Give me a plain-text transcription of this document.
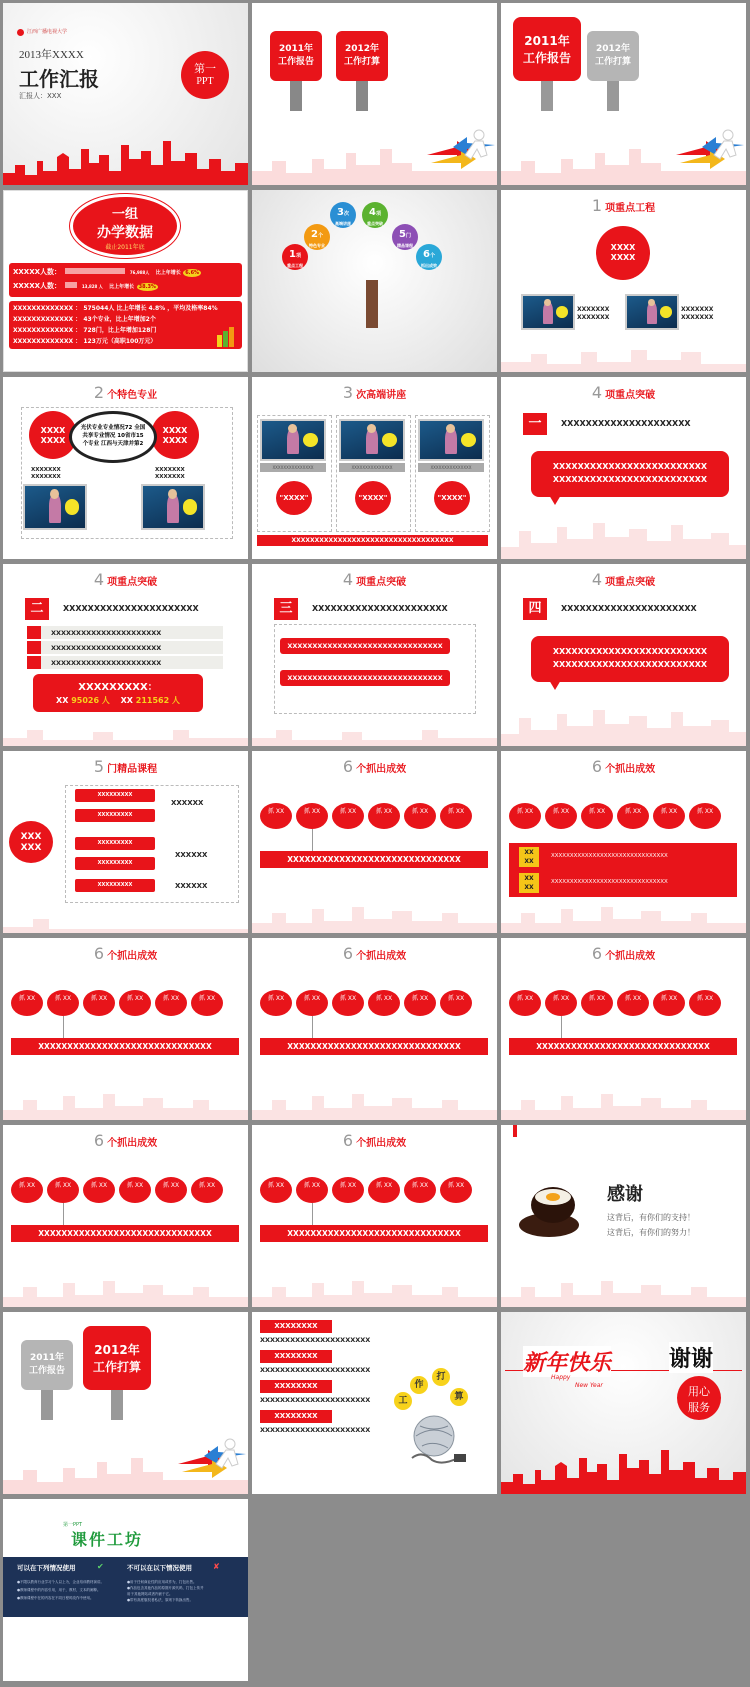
江西广播电视大学
2013年XXXX
工作汇报
汇报人：XXX
第一
PPT
2011年
工作报告
2012年
工作打算
2011年
工作报告
2012年
工作打算
一组
办学数据
截止2011年底
XXXXX人数：	76,988人 比上年增长 6.6%
XXXXX人数：	13,828 人 比上年增长 38.3%
XXXXXXXXXXXXX ： 575044人 比上年增长 4.8% ，平均及格率84%
XXXXXXXXXXXXX ： 43个专业，比上年增加2个
XXXXXXXXXXXXX ： 728门，比上年增加128门
XXXXXXXXXXXXX ： 123万元（高职100万元）
1项
重点工程
2个
特色专业
3次
高端讲座
4项
重点突破
5门
精品课程
6个
抓出成效
1 项重点工程
XXXX XXXX
XXXXXXX XXXXXXX
XXXXXXX XXXXXXX
2 个特色专业
XXXX XXXX
XXXX XXXX
光伏专业专业情况72 全国共享专业情况 10省市15个专业 江西与天津并第2
XXXXXXX XXXXXXX
XXXXXXX XXXXXXX
3 次高端讲座
XXXXXXXXXXXXXXX	XXXXXXXXXXXXXXX	XXXXXXXXXXXXXXX
"XXXX"	"XXXX"	"XXXX"
XXXXXXXXXXXXXXXXXXXXXXXXXXXXXXXXXXX
4 项重点突破
一	XXXXXXXXXXXXXXXXXXXXX
XXXXXXXXXXXXXXXXXXXXXXXXX
XXXXXXXXXXXXXXXXXXXXXXXXX
4 项重点突破
二	XXXXXXXXXXXXXXXXXXXXXX
XXXXXXXXXXXXXXXXXXXXXX
XXXXXXXXXXXXXXXXXXXXXX
XXXXXXXXXXXXXXXXXXXXXX
XXXXXXXXX：
XX 95026 人 XX 211562 人
4 项重点突破
三	XXXXXXXXXXXXXXXXXXXXXX
XXXXXXXXXXXXXXXXXXXXXXXXXXXXXXX
XXXXXXXXXXXXXXXXXXXXXXXXXXXXXXX
4 项重点突破
四	XXXXXXXXXXXXXXXXXXXXXX
XXXXXXXXXXXXXXXXXXXXXXXXX
XXXXXXXXXXXXXXXXXXXXXXXXX
5 门精品课程
XXX XXX
XXXXXXXXX
XXXXXXXXX
XXXXXXXXX
XXXXXXXXX
XXXXXXXXX
XXXXXX
XXXXXX
XXXXXX
6 个抓出成效
抓 XX	抓 XX	抓 XX	抓 XX	抓 XX	抓 XX
XXXXXXXXXXXXXXXXXXXXXXXXXXXXXX
6 个抓出成效
抓 XX	抓 XX	抓 XX	抓 XX	抓 XX	抓 XX
XX XX
XX XX
XXXXXXXXXXXXXXXXXXXXXXXXXXXXXXX
XXXXXXXXXXXXXXXXXXXXXXXXXXXXXXX
6 个抓出成效
抓 XX	抓 XX	抓 XX	抓 XX	抓 XX	抓 XX
XXXXXXXXXXXXXXXXXXXXXXXXXXXXXX
6 个抓出成效
抓 XX	抓 XX	抓 XX	抓 XX	抓 XX	抓 XX
XXXXXXXXXXXXXXXXXXXXXXXXXXXXXX
6 个抓出成效
抓 XX	抓 XX	抓 XX	抓 XX	抓 XX	抓 XX
XXXXXXXXXXXXXXXXXXXXXXXXXXXXXX
6 个抓出成效
抓 XX	抓 XX	抓 XX	抓 XX	抓 XX	抓 XX
XXXXXXXXXXXXXXXXXXXXXXXXXXXXXX
6 个抓出成效
抓 XX	抓 XX	抓 XX	抓 XX	抓 XX	抓 XX
XXXXXXXXXXXXXXXXXXXXXXXXXXXXXX
感谢
这背后，有你们的支持！
这背后，有你们的努力！
2011年
工作报告
2012年
工作打算
XXXXXXXX
XXXXXXXXXXXXXXXXXXXXXX
XXXXXXXX
XXXXXXXXXXXXXXXXXXXXXX
XXXXXXXX
XXXXXXXXXXXXXXXXXXXXXX
XXXXXXXX
XXXXXXXXXXXXXXXXXXXXXX
工
作
打
算
新年快乐
Happy
New Year
谢谢
用心
服务
第一PPT
课件工坊
可以在下列情况使用	✔	不可以在以下情况使用	✘
●不限以教育行业学习个人以上为，企业培训教材演讲。
●教师课程中的内容引用，用于，教材，文本的阐释。
●教师课程中在的内容在不同日程时改作中使用。
●用于任何商业性的应用或作为，打包出售。
●作品包含其他作品的原图片源代码，打包上传并
用于其他网站或者内嵌于它。
●带有高度版权者私法，原则下转换出售。
